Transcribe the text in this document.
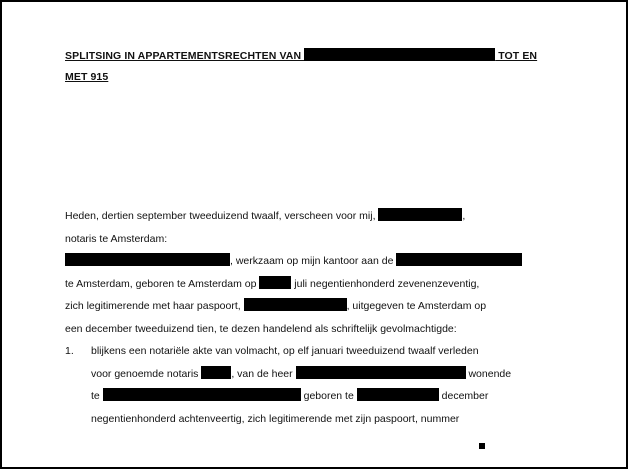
SPLITSING IN APPARTEMENTSRECHTEN VAN	TOT EN
MET 915
Heden, dertien september tweeduizend twaalf, verscheen voor mij,	,
notaris te Amsterdam:
, werkzaam op mijn kantoor aan de
te Amsterdam, geboren te Amsterdam op	juli negentienhonderd zevenenzeventig,
zich legitimerende met haar paspoort,	, uitgegeven te Amsterdam op
een december tweeduizend tien, te dezen handelend als schriftelijk gevolmachtigde:
1. blijkens een notariële akte van volmacht, op elf januari tweeduizend twaalf verleden
voor genoemde notaris	, van de heer	wonende
te	geboren te	december
negentienhonderd achtenveertig, zich legitimerende met zijn paspoort, nummer
